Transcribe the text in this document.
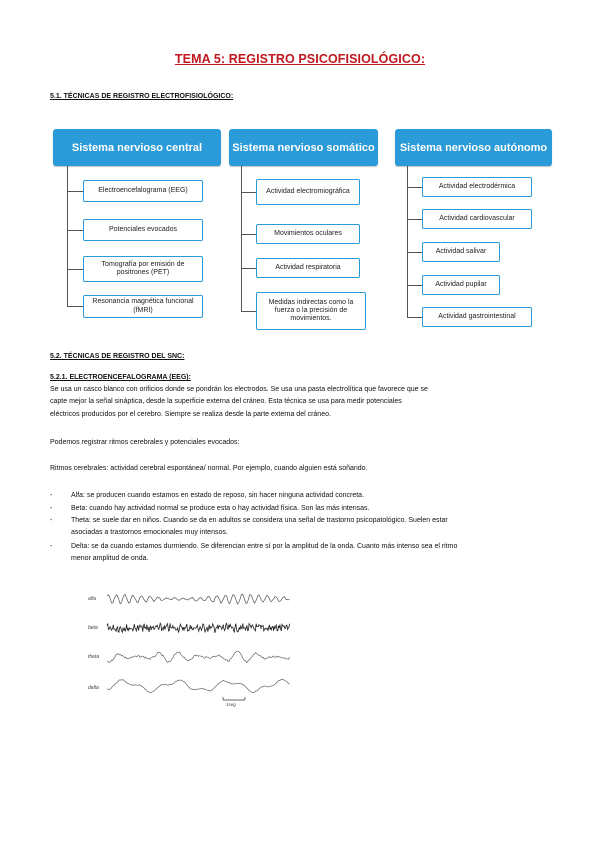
TEMA 5: REGISTRO PSICOFISIOLÓGICO:
5.1. TÉCNICAS DE REGISTRO ELECTROFISIOLÓGICO:
Sistema nervioso central
Electroencefalograma (EEG)
Potenciales evocados
Tomografía por emisión de positrones (PET)
Resonancia magnética funcional (fMRI)
Sistema nervioso somático
Actividad electromiográfica
Movimientos oculares
Actividad respiratoria
Medidas indirectas como la fuerza o la precisión de movimientos.
Sistema nervioso autónomo
Actividad electrodérmica
Actividad cardiovascular
Actividad salivar
Actividad pupilar
Actividad gastrointestinal
5.2. TÉCNICAS DE REGISTRO DEL SNC:
5.2.1. ELECTROENCEFALOGRAMA (EEG):
Se usa un casco blanco con orificios donde se pondrán los electrodos. Se usa una pasta electrolítica que favorece que se
capte mejor la señal sináptica, desde la superficie externa del cráneo. Esta técnica se usa para medir potenciales
eléctricos producidos por el cerebro. Siempre se realiza desde la parte externa del cráneo.
Podemos registrar ritmos cerebrales y potenciales evocados:
Ritmos cerebrales: actividad cerebral espontánea/ normal. Por ejemplo, cuando alguien está soñando.
-	Alfa: se producen cuando estamos en estado de reposo, sin hacer ninguna actividad concreta.
-	Beta: cuando hay actividad normal se produce esta o hay actividad física. Son las más intensas.
-	Theta: se suele dar en niños. Cuando se da en adultos se considera una señal de trastorno psicopatológico. Suelen estar
asociadas a trastornos emocionales muy intensos.
-	Delta: se da cuando estamos durmiendo. Se diferencian entre sí por la amplitud de la onda. Cuanto más intenso sea el ritmo
menor amplitud de onda.
alfa
beta
theta
delta
1seg
